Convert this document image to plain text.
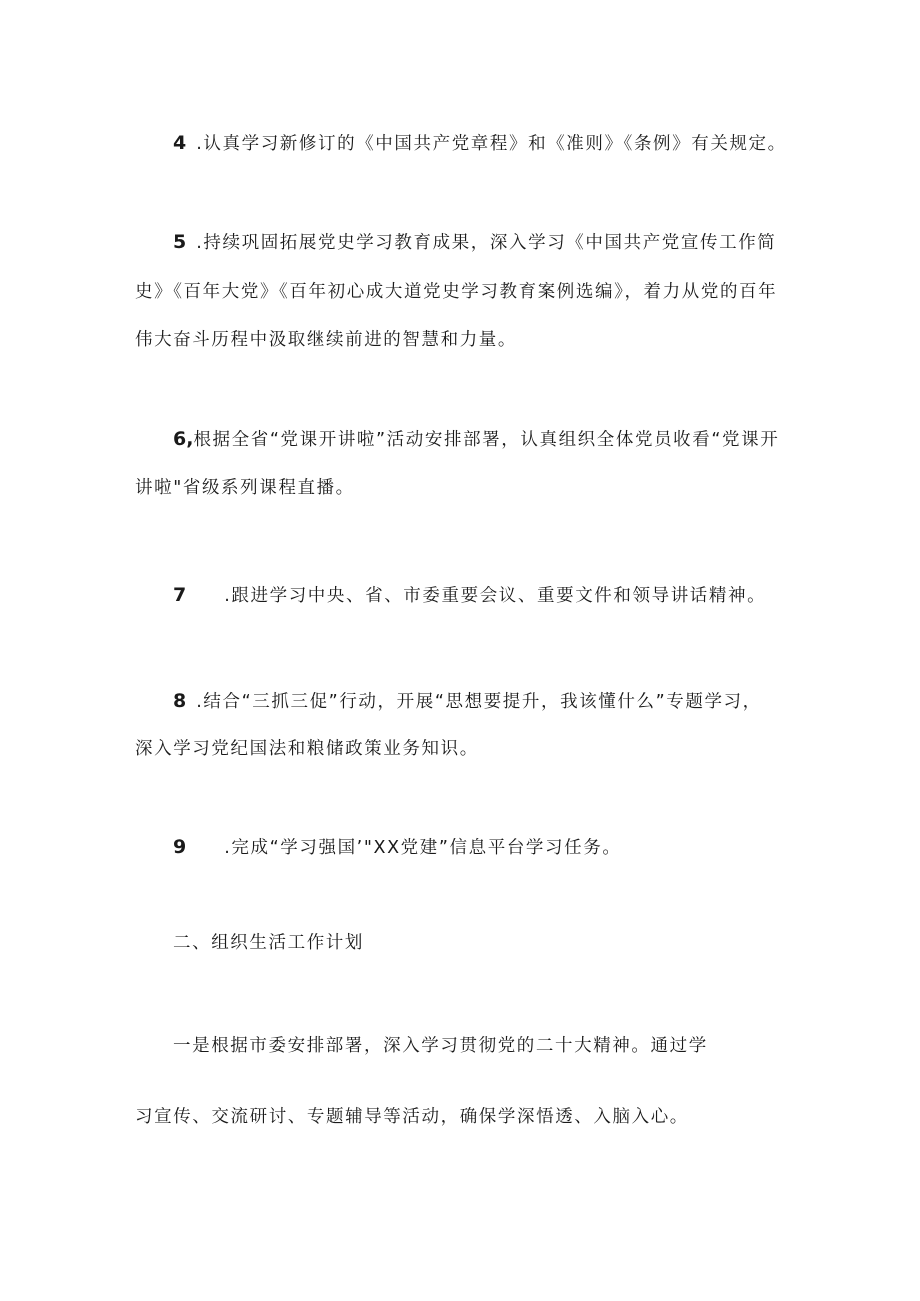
4 .认真学习新修订的《中国共产党章程》和《准则》《条例》有关规定。
5 .持续巩固拓展党史学习教育成果，深入学习《中国共产党宣传工作简
史》《百年大党》《百年初心成大道党史学习教育案例选编》，着力从党的百年
伟大奋斗历程中汲取继续前进的智慧和力量。
6,根据全省“党课开讲啦”活动安排部署，认真组织全体党员收看“党课开
讲啦"省级系列课程直播。
7 .跟进学习中央、省、市委重要会议、重要文件和领导讲话精神。
8 .结合“三抓三促”行动，开展“思想要提升，我该懂什么”专题学习，
深入学习党纪国法和粮储政策业务知识。
9 .完成“学习强国’"XX党建”信息平台学习任务。
二、组织生活工作计划
一是根据市委安排部署，深入学习贯彻党的二十大精神。通过学
习宣传、交流研讨、专题辅导等活动，确保学深悟透、入脑入心。
